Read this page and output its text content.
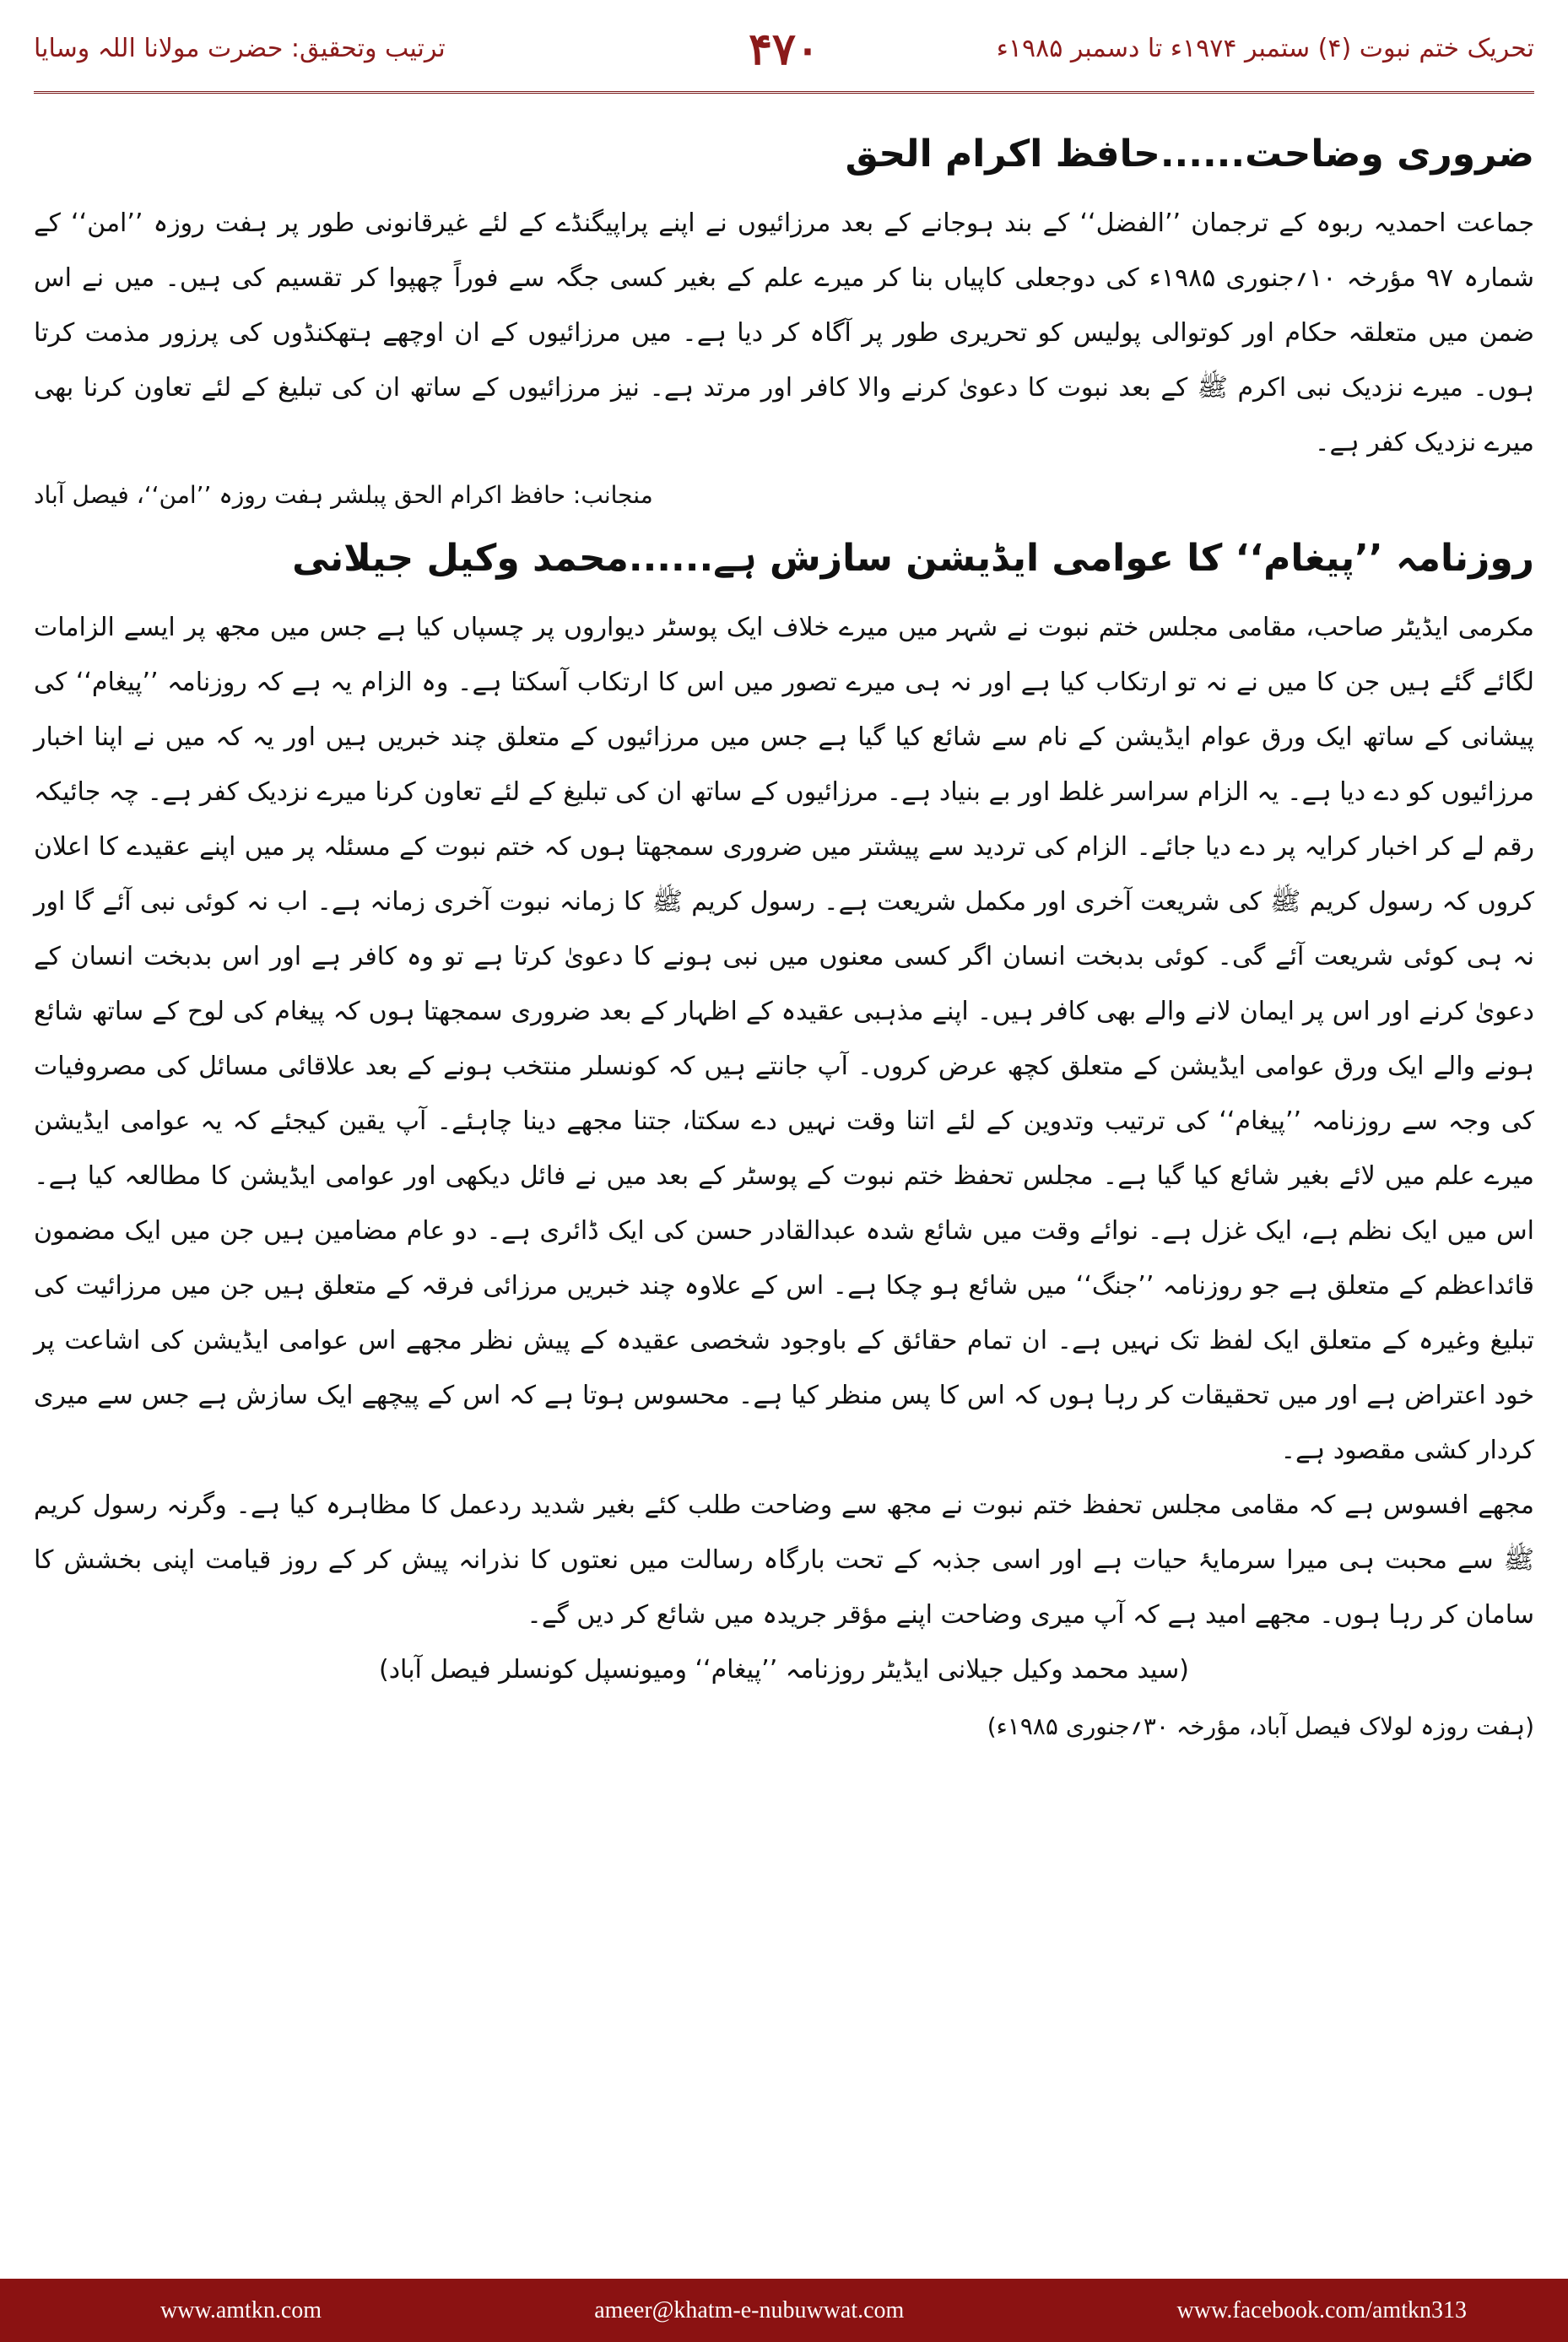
ترتیب وتحقیق: حضرت مولانا اللہ وسایا	۴۷۰	تحریک ختم نبوت (۴) ستمبر ۱۹۷۴ء تا دسمبر ۱۹۸۵ء
ضروری وضاحت......حافظ اکرام الحق

جماعت احمدیہ ربوہ کے ترجمان ’’الفضل‘‘ کے بند ہوجانے کے بعد مرزائیوں نے اپنے پراپیگنڈے کے لئے غیرقانونی طور پر ہفت روزہ ’’امن‘‘ کے شمارہ ۹۷ مؤرخہ ۱۰؍جنوری ۱۹۸۵ء کی دوجعلی کاپیاں بنا کر میرے علم کے بغیر کسی جگہ سے فوراً چھپوا کر تقسیم کی ہیں۔ میں نے اس ضمن میں متعلقہ حکام اور کوتوالی پولیس کو تحریری طور پر آگاہ کر دیا ہے۔ میں مرزائیوں کے ان اوچھے ہتھکنڈوں کی پرزور مذمت کرتا ہوں۔ میرے نزدیک نبی اکرم ﷺ کے بعد نبوت کا دعویٰ کرنے والا کافر اور مرتد ہے۔ نیز مرزائیوں کے ساتھ ان کی تبلیغ کے لئے تعاون کرنا بھی میرے نزدیک کفر ہے۔

منجانب: حافظ اکرام الحق پبلشر ہفت روزہ ’’امن‘‘، فیصل آباد
روزنامہ ’’پیغام‘‘ کا عوامی ایڈیشن سازش ہے......محمد وکیل جیلانی

مکرمی ایڈیٹر صاحب، مقامی مجلس ختم نبوت نے شہر میں میرے خلاف ایک پوسٹر دیواروں پر چسپاں کیا ہے جس میں مجھ پر ایسے الزامات لگائے گئے ہیں جن کا میں نے نہ تو ارتکاب کیا ہے اور نہ ہی میرے تصور میں اس کا ارتکاب آسکتا ہے۔ وہ الزام یہ ہے کہ روزنامہ ’’پیغام‘‘ کی پیشانی کے ساتھ ایک ورق عوام ایڈیشن کے نام سے شائع کیا گیا ہے جس میں مرزائیوں کے متعلق چند خبریں ہیں اور یہ کہ میں نے اپنا اخبار مرزائیوں کو دے دیا ہے۔ یہ الزام سراسر غلط اور بے بنیاد ہے۔ مرزائیوں کے ساتھ ان کی تبلیغ کے لئے تعاون کرنا میرے نزدیک کفر ہے۔ چہ جائیکہ رقم لے کر اخبار کرایہ پر دے دیا جائے۔ الزام کی تردید سے پیشتر میں ضروری سمجھتا ہوں کہ ختم نبوت کے مسئلہ پر میں اپنے عقیدے کا اعلان کروں کہ رسول کریم ﷺ کی شریعت آخری اور مکمل شریعت ہے۔ رسول کریم ﷺ کا زمانہ نبوت آخری زمانہ ہے۔ اب نہ کوئی نبی آئے گا اور نہ ہی کوئی شریعت آئے گی۔ کوئی بدبخت انسان اگر کسی معنوں میں نبی ہونے کا دعویٰ کرتا ہے تو وہ کافر ہے اور اس بدبخت انسان کے دعویٰ کرنے اور اس پر ایمان لانے والے بھی کافر ہیں۔ اپنے مذہبی عقیدہ کے اظہار کے بعد ضروری سمجھتا ہوں کہ پیغام کی لوح کے ساتھ شائع ہونے والے ایک ورق عوامی ایڈیشن کے متعلق کچھ عرض کروں۔ آپ جانتے ہیں کہ کونسلر منتخب ہونے کے بعد علاقائی مسائل کی مصروفیات کی وجہ سے روزنامہ ’’پیغام‘‘ کی ترتیب وتدوین کے لئے اتنا وقت نہیں دے سکتا، جتنا مجھے دینا چاہئے۔ آپ یقین کیجئے کہ یہ عوامی ایڈیشن میرے علم میں لائے بغیر شائع کیا گیا ہے۔ مجلس تحفظ ختم نبوت کے پوسٹر کے بعد میں نے فائل دیکھی اور عوامی ایڈیشن کا مطالعہ کیا ہے۔ اس میں ایک نظم ہے، ایک غزل ہے۔ نوائے وقت میں شائع شدہ عبدالقادر حسن کی ایک ڈائری ہے۔ دو عام مضامین ہیں جن میں ایک مضمون قائداعظم کے متعلق ہے جو روزنامہ ’’جنگ‘‘ میں شائع ہو چکا ہے۔ اس کے علاوہ چند خبریں مرزائی فرقہ کے متعلق ہیں جن میں مرزائیت کی تبلیغ وغیرہ کے متعلق ایک لفظ تک نہیں ہے۔ ان تمام حقائق کے باوجود شخصی عقیدہ کے پیش نظر مجھے اس عوامی ایڈیشن کی اشاعت پر خود اعتراض ہے اور میں تحقیقات کر رہا ہوں کہ اس کا پس منظر کیا ہے۔ محسوس ہوتا ہے کہ اس کے پیچھے ایک سازش ہے جس سے میری کردار کشی مقصود ہے۔

مجھے افسوس ہے کہ مقامی مجلس تحفظ ختم نبوت نے مجھ سے وضاحت طلب کئے بغیر شدید ردعمل کا مظاہرہ کیا ہے۔ وگرنہ رسول کریم ﷺ سے محبت ہی میرا سرمایۂ حیات ہے اور اسی جذبہ کے تحت بارگاہ رسالت میں نعتوں کا نذرانہ پیش کر کے روز قیامت اپنی بخشش کا سامان کر رہا ہوں۔ مجھے امید ہے کہ آپ میری وضاحت اپنے مؤقر جریدہ میں شائع کر دیں گے۔

(سید محمد وکیل جیلانی ایڈیٹر روزنامہ ’’پیغام‘‘ ومیونسپل کونسلر فیصل آباد)
(ہفت روزہ لولاک فیصل آباد، مؤرخہ ۳۰؍جنوری ۱۹۸۵ء)
www.amtkn.com	ameer@khatm-e-nubuwwat.com	www.facebook.com/amtkn313
